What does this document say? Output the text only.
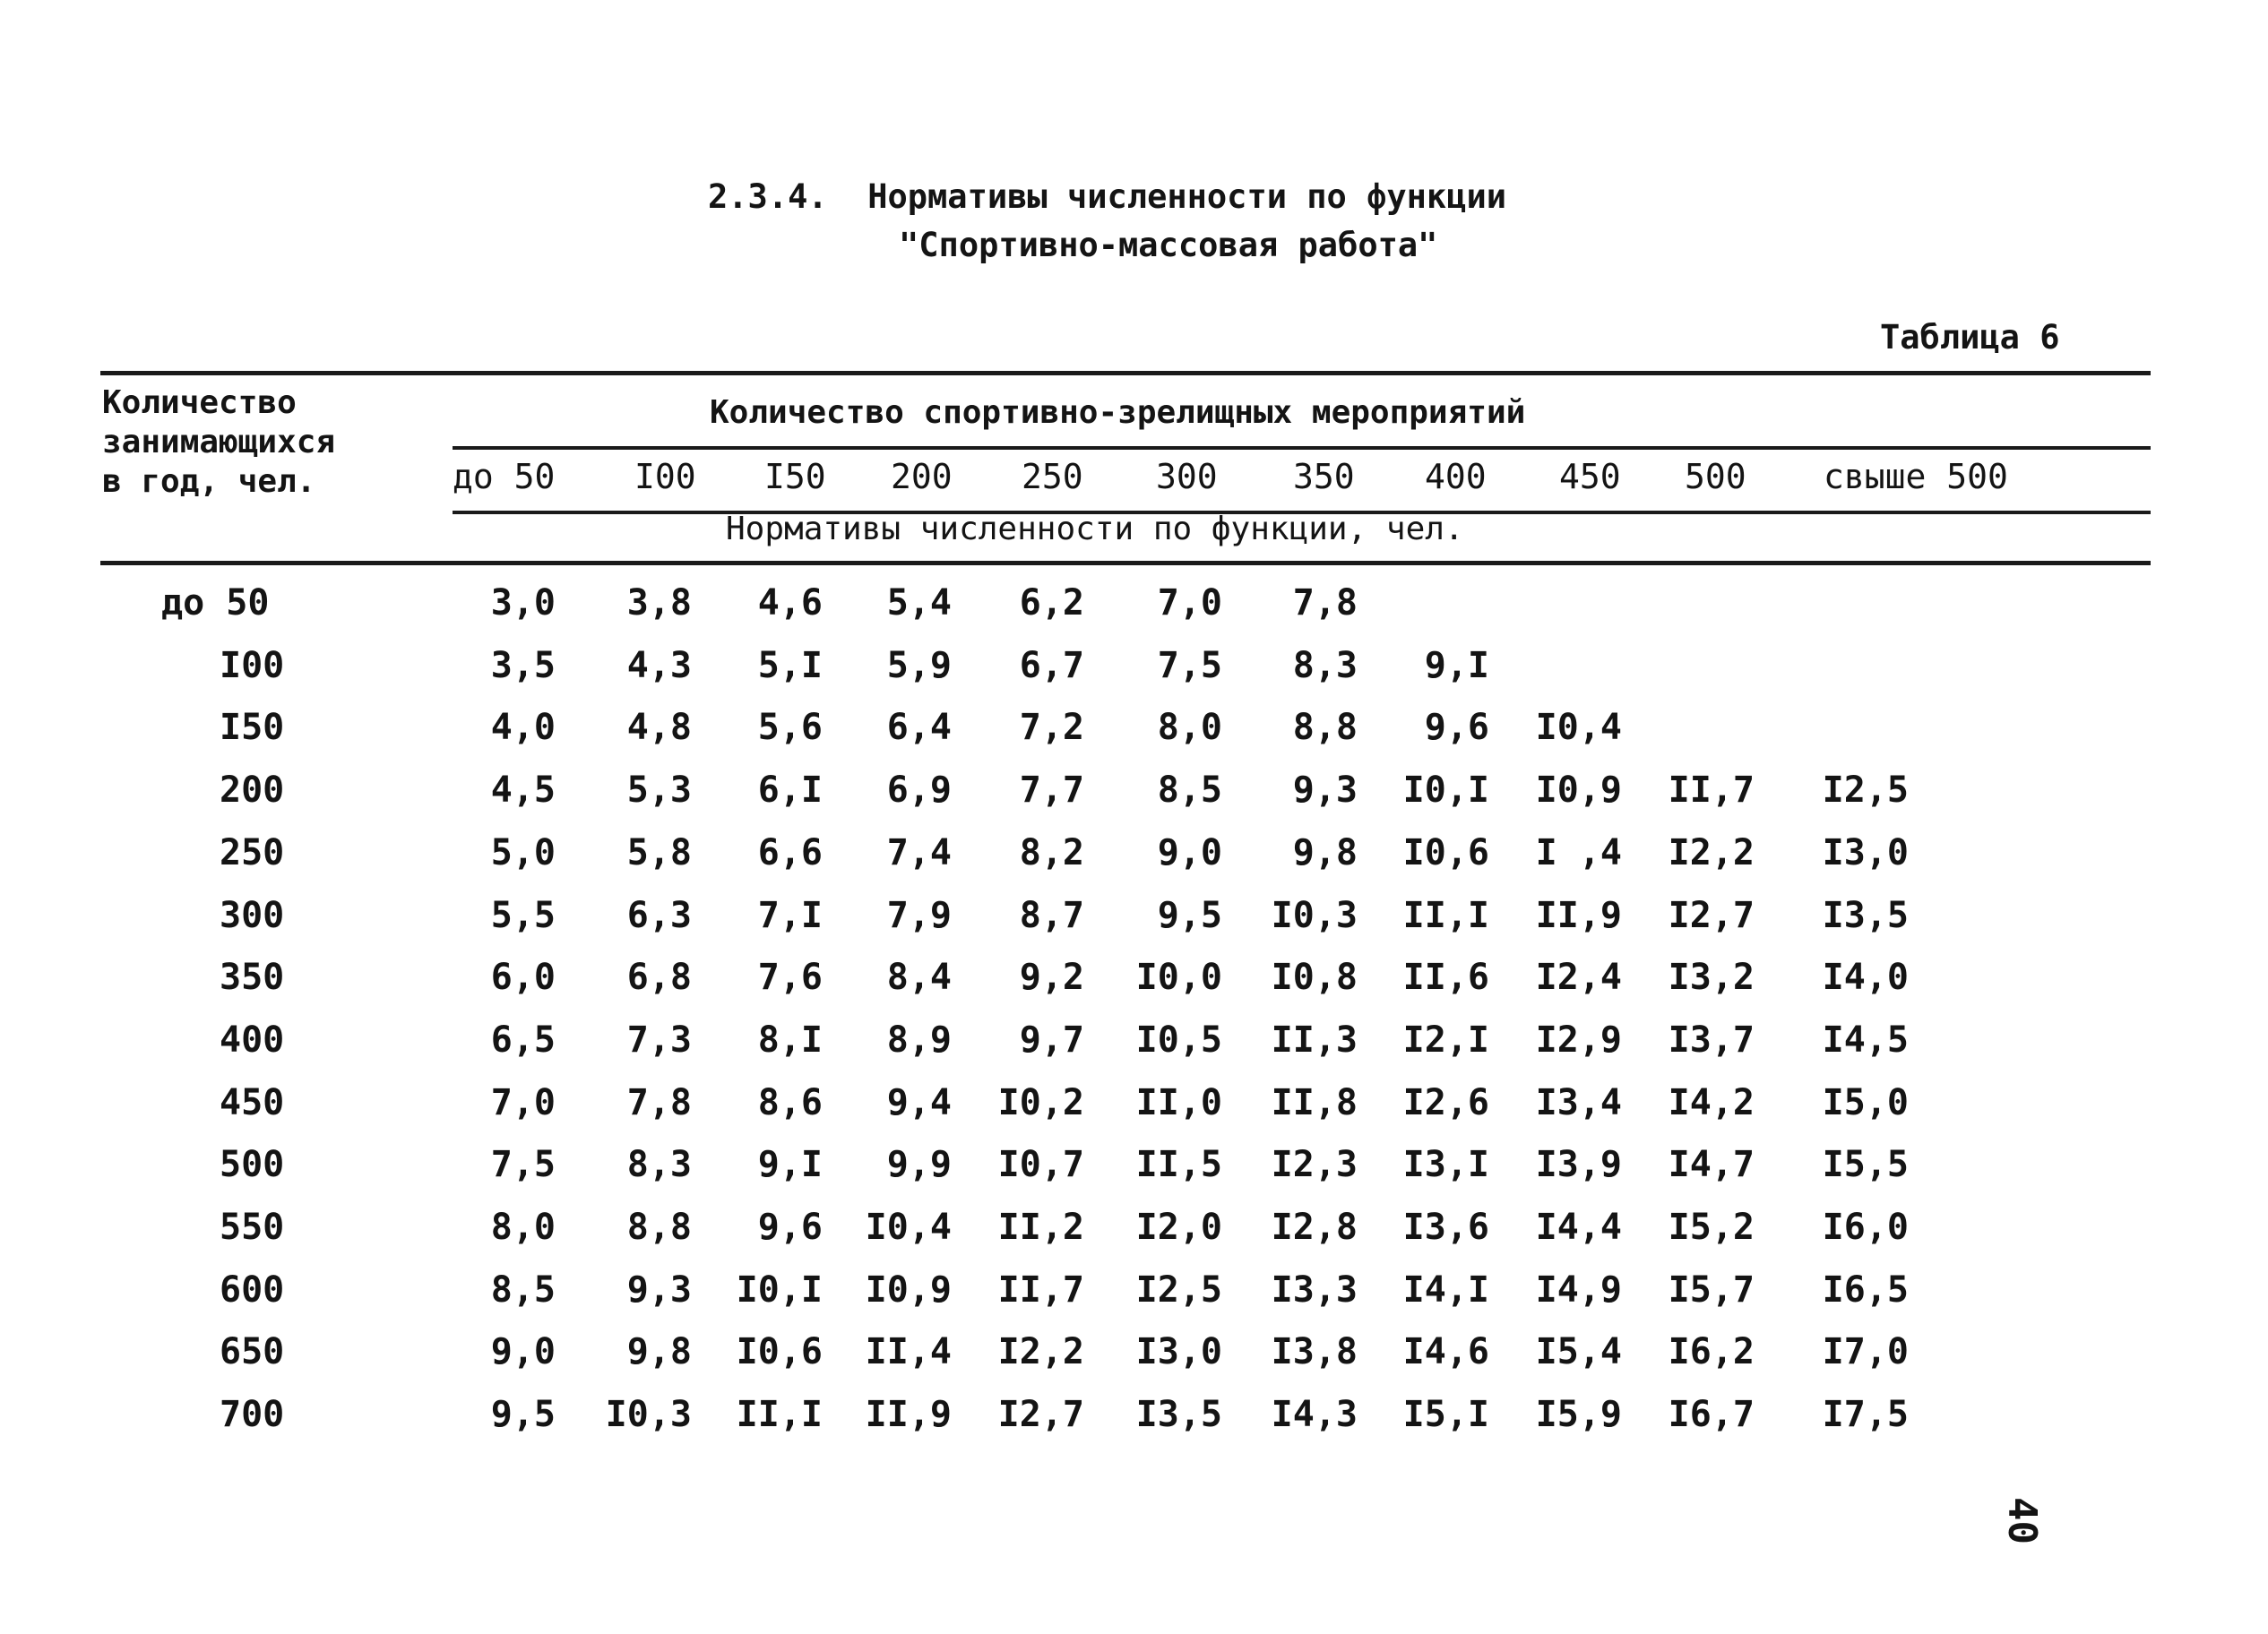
2.3.4.  Нормативы численности по функции
"Спортивно-массовая работа"
Таблица 6
Количество
занимающихся
в год, чел.
Количество спортивно-зрелищных мероприятий
Нормативы численности по функции, чел.
до 50 I00 I50 200 250 300 350 400 450 500 свыше 500
до 50	3,0 3,8 4,6 5,4 6,2 7,0 7,8
I00	3,5 4,3 5,I 5,9 6,7 7,5 8,3 9,I
I50	4,0 4,8 5,6 6,4 7,2 8,0 8,8 9,6 I0,4
200	4,5 5,3 6,I 6,9 7,7 8,5 9,3 I0,I I0,9 II,7 I2,5
250	5,0 5,8 6,6 7,4 8,2 9,0 9,8 I0,6 I ,4 I2,2 I3,0
300	5,5 6,3 7,I 7,9 8,7 9,5 I0,3 II,I II,9 I2,7 I3,5
350	6,0 6,8 7,6 8,4 9,2 I0,0 I0,8 II,6 I2,4 I3,2 I4,0
400	6,5 7,3 8,I 8,9 9,7 I0,5 II,3 I2,I I2,9 I3,7 I4,5
450	7,0 7,8 8,6 9,4 I0,2 II,0 II,8 I2,6 I3,4 I4,2 I5,0
500	7,5 8,3 9,I 9,9 I0,7 II,5 I2,3 I3,I I3,9 I4,7 I5,5
550	8,0 8,8 9,6 I0,4 II,2 I2,0 I2,8 I3,6 I4,4 I5,2 I6,0
600	8,5 9,3 I0,I I0,9 II,7 I2,5 I3,3 I4,I I4,9 I5,7 I6,5
650	9,0 9,8 I0,6 II,4 I2,2 I3,0 I3,8 I4,6 I5,4 I6,2 I7,0
700	9,5 I0,3 II,I II,9 I2,7 I3,5 I4,3 I5,I I5,9 I6,7 I7,5
40
